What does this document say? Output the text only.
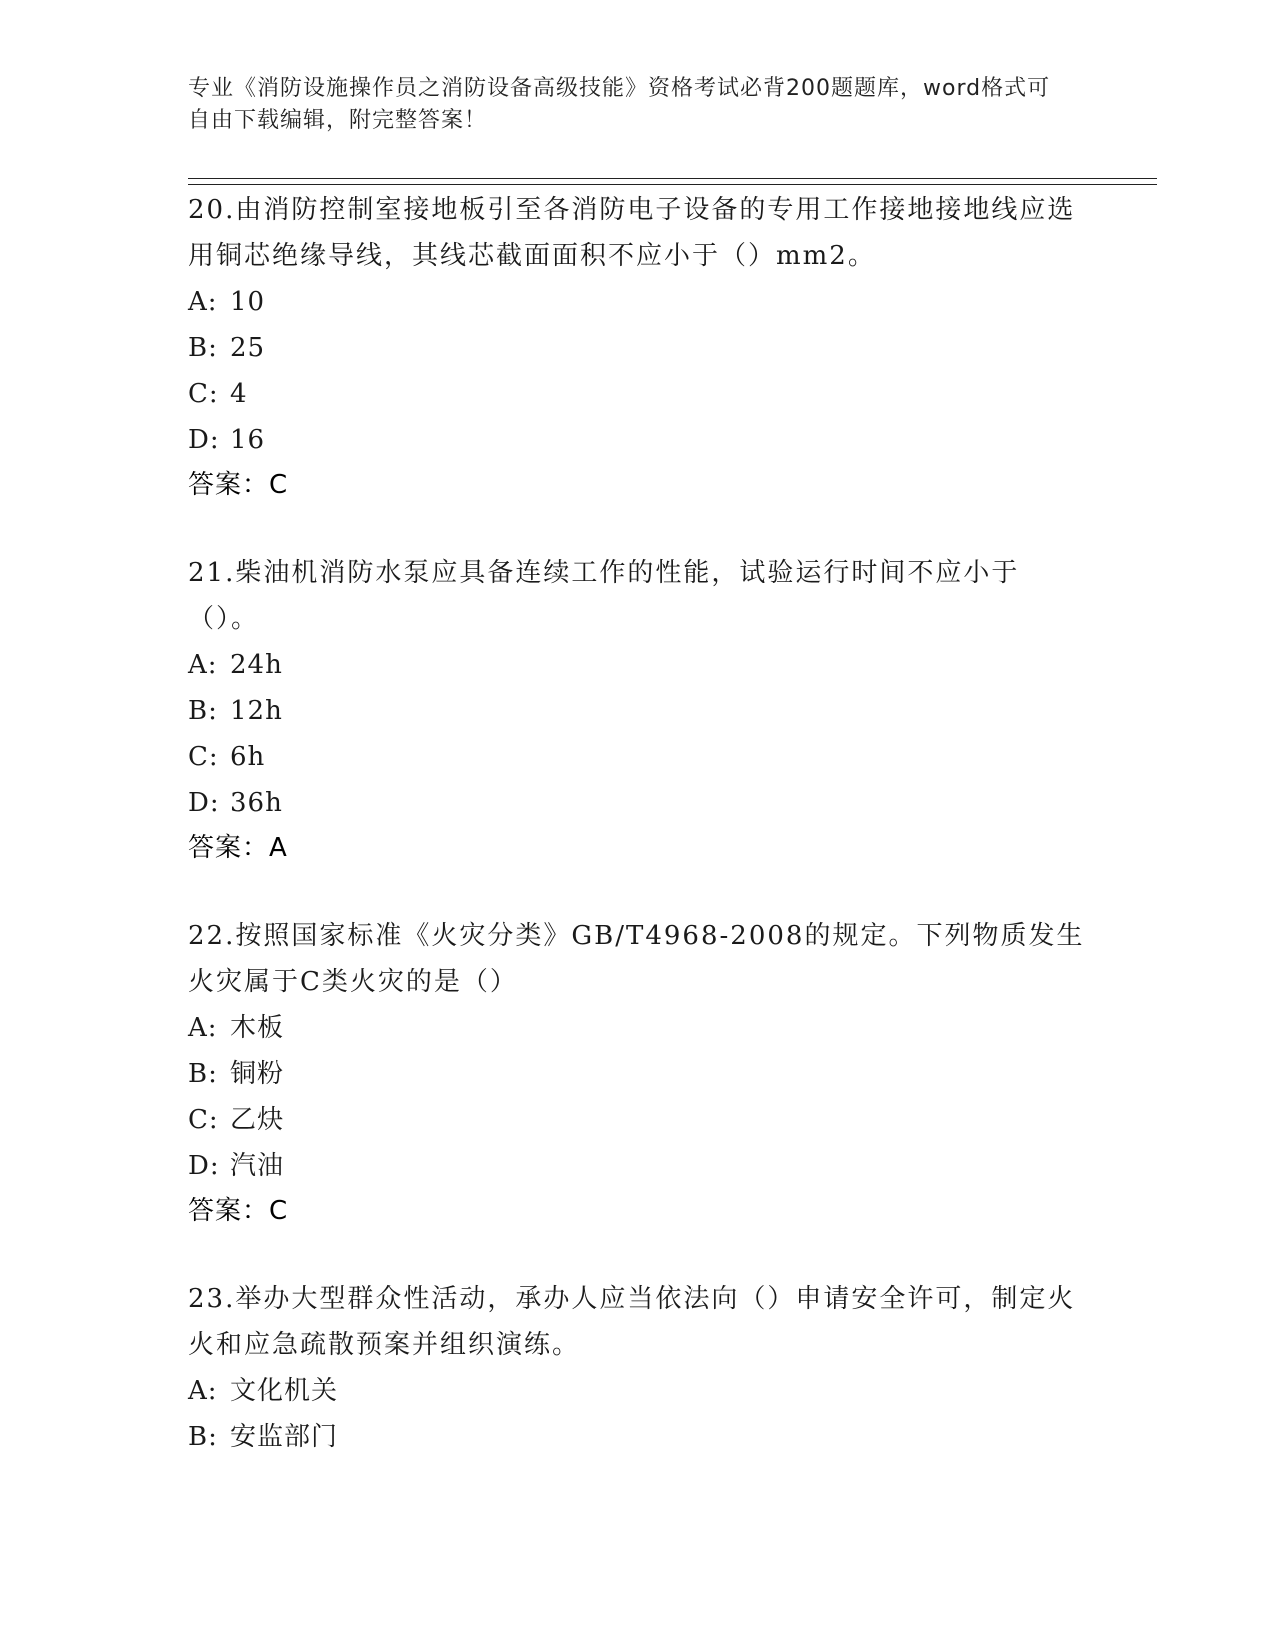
专业《消防设施操作员之消防设备高级技能》资格考试必背200题题库，word格式可自由下载编辑，附完整答案！
20.由消防控制室接地板引至各消防电子设备的专用工作接地接地线应选用铜芯绝缘导线，其线芯截面面积不应小于（）mm2。
A: 10
B: 25
C: 4
D: 16
答案：C
21.柴油机消防水泵应具备连续工作的性能，试验运行时间不应小于（）。
A: 24h
B: 12h
C: 6h
D: 36h
答案：A
22.按照国家标准《火灾分类》GB/T4968-2008的规定。下列物质发生火灾属于C类火灾的是（）
A: 木板
B: 铜粉
C: 乙炔
D: 汽油
答案：C
23.举办大型群众性活动，承办人应当依法向（）申请安全许可，制定火火和应急疏散预案并组织演练。
A: 文化机关
B: 安监部门
